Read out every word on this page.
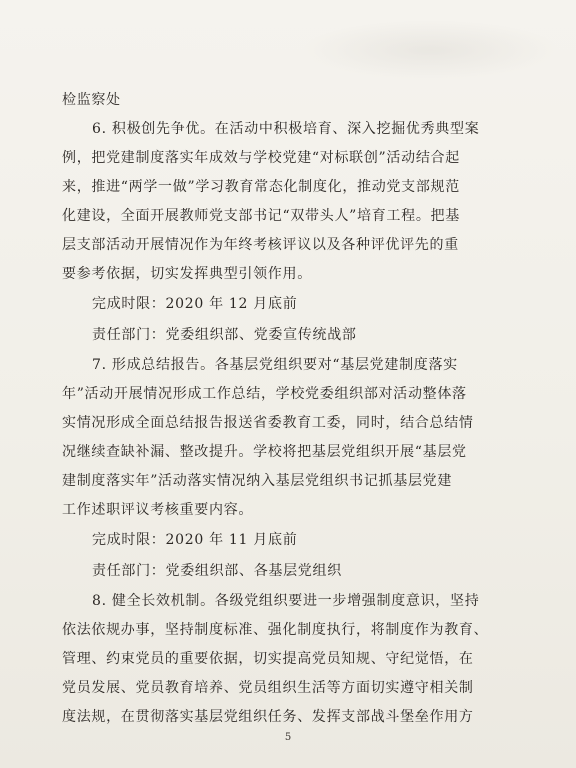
检监察处
6. 积极创先争优。在活动中积极培育、深入挖掘优秀典型案
例，把党建制度落实年成效与学校党建“对标联创”活动结合起
来，推进“两学一做”学习教育常态化制度化，推动党支部规范
化建设，全面开展教师党支部书记“双带头人”培育工程。把基
层支部活动开展情况作为年终考核评议以及各种评优评先的重
要参考依据，切实发挥典型引领作用。
完成时限：2020 年 12 月底前
责任部门：党委组织部、党委宣传统战部
7. 形成总结报告。各基层党组织要对“基层党建制度落实
年”活动开展情况形成工作总结，学校党委组织部对活动整体落
实情况形成全面总结报告报送省委教育工委，同时，结合总结情
况继续查缺补漏、整改提升。学校将把基层党组织开展“基层党
建制度落实年”活动落实情况纳入基层党组织书记抓基层党建
工作述职评议考核重要内容。
完成时限：2020 年 11 月底前
责任部门：党委组织部、各基层党组织
8. 健全长效机制。各级党组织要进一步增强制度意识，坚持
依法依规办事，坚持制度标准、强化制度执行，将制度作为教育、
管理、约束党员的重要依据，切实提高党员知规、守纪觉悟，在
党员发展、党员教育培养、党员组织生活等方面切实遵守相关制
度法规，在贯彻落实基层党组织任务、发挥支部战斗堡垒作用方
5
